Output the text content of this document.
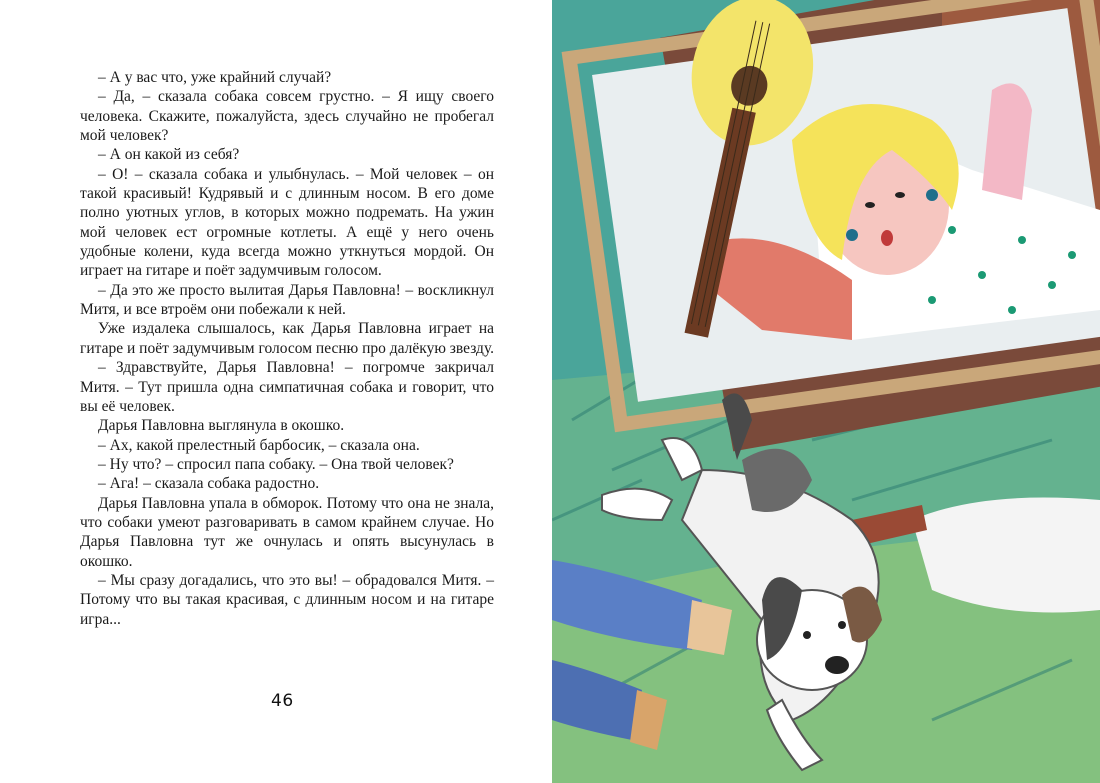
– А у вас что, уже крайний случай?

– Да, – сказала собака совсем грустно. – Я ищу своего человека. Скажите, пожалуйста, здесь случайно не пробегал мой человек?

– А он какой из себя?

– О! – сказала собака и улыбнулась. – Мой человек – он такой красивый! Кудрявый и с длинным носом. В его доме полно уютных углов, в которых можно подремать. На ужин мой человек ест огромные котлеты. А ещё у него очень удобные колени, куда всегда можно уткнуться мордой. Он играет на гитаре и поёт задумчивым голосом.

– Да это же просто вылитая Дарья Павловна! – воскликнул Митя, и все втроём они побежали к ней.

Уже издалека слышалось, как Дарья Павловна играет на гитаре и поёт задумчивым голосом песню про далёкую звезду.

– Здравствуйте, Дарья Павловна! – погромче закричал Митя. – Тут пришла одна симпатичная собака и говорит, что вы её человек.

Дарья Павловна выглянула в окошко.

– Ах, какой прелестный барбосик, – сказала она.

– Ну что? – спросил папа собаку. – Она твой человек?

– Ага! – сказала собака радостно.

Дарья Павловна упала в обморок. Потому что она не знала, что собаки умеют разговаривать в самом крайнем случае. Но Дарья Павловна тут же очнулась и опять высунулась в окошко.

– Мы сразу догадались, что это вы! – обрадовался Митя. – Потому что вы такая красивая, с длинным носом и на гитаре игра...

46
